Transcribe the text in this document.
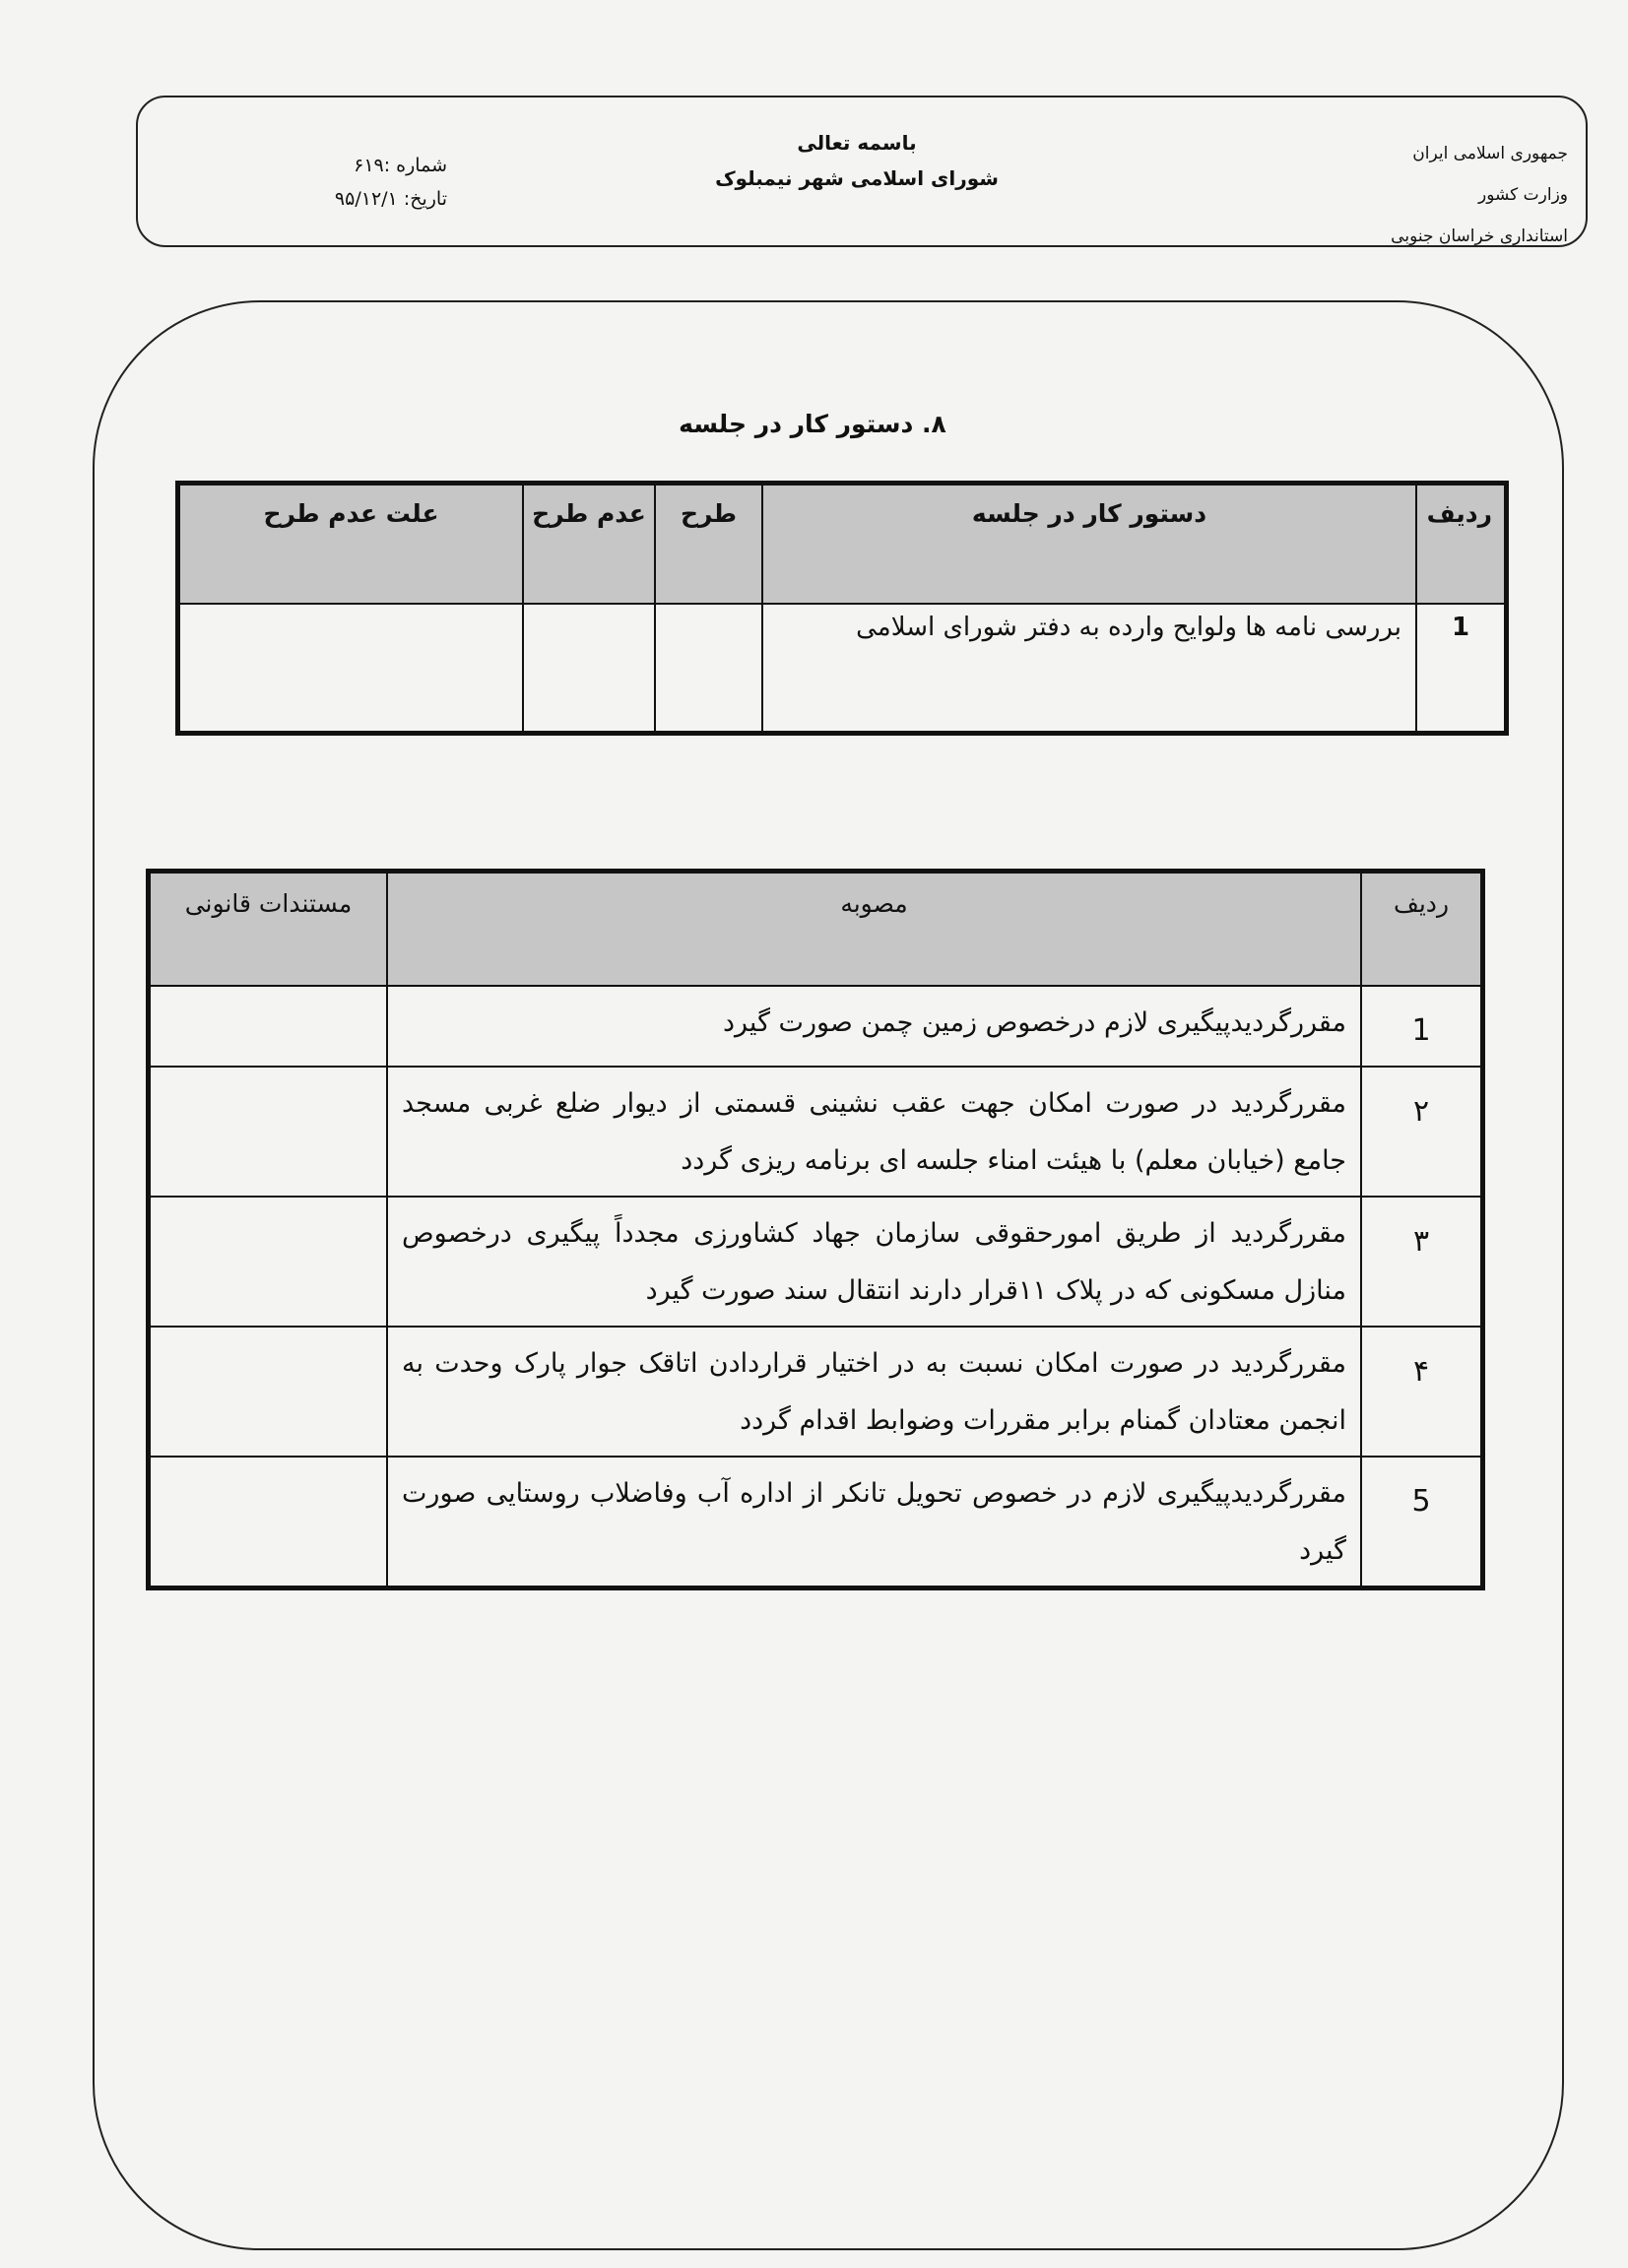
شماره :۶۱۹
تاریخ: ۹۵/۱۲/۱
باسمه تعالی
شورای اسلامی شهر نیمبلوک
جمهوری اسلامی ایران
وزارت کشور
استانداری خراسان جنوبی
۸. دستور کار در جلسه
ردیف	دستور کار در جلسه	طرح	عدم طرح	علت عدم طرح
1	بررسی نامه ها ولوایح وارده به دفتر شورای اسلامی			
ردیف	مصوبه	مستندات قانونی
1	مقررگردیدپیگیری لازم درخصوص زمین چمن صورت گیرد	
۲	مقررگردید در صورت امکان جهت عقب نشینی قسمتی از دیوار ضلع غربی مسجد جامع (خیابان معلم) با هیئت امناء جلسه ای برنامه ریزی گردد	
۳	مقررگردید از طریق امورحقوقی سازمان جهاد کشاورزی مجدداً پیگیری درخصوص منازل مسکونی که در پلاک ۱۱قرار دارند انتقال سند صورت گیرد	
۴	مقررگردید در صورت امکان نسبت به در اختیار قراردادن اتاقک جوار پارک وحدت به انجمن معتادان گمنام برابر مقررات وضوابط اقدام گردد	
5	مقررگردیدپیگیری لازم در خصوص تحویل تانکر از اداره آب وفاضلاب روستایی صورت گیرد	
